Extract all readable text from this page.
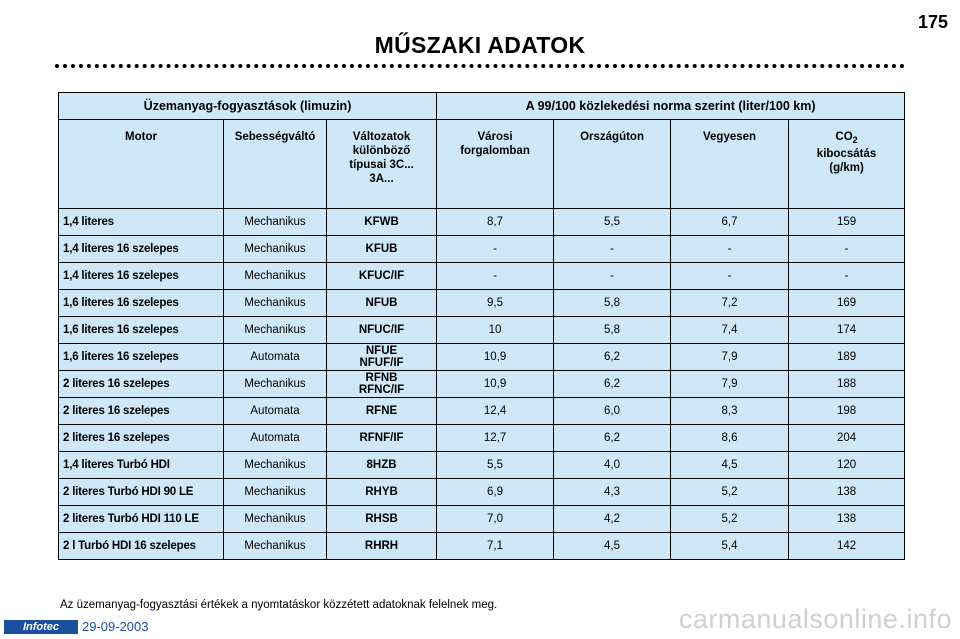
175
MŰSZAKI ADATOK
Üzemanyag-fogyasztások (limuzin)			A 99/100 közlekedési norma szerint (liter/100 km)			
Motor	Sebességváltó	Változatok különböző típusai 3C... 3A...	Városi forgalomban	Országúton	Vegyesen	$CO_2$
kibocsátás (g/km)
1,4 literes	Mechanikus	KFWB	8,7	5,5	6,7	159
1,4 literes 16 szelepes	Mechanikus	KFUB	-	-	-	-
1,4 literes 16 szelepes	Mechanikus	KFUC/IF	-	-	-	-
1,6 literes 16 szelepes	Mechanikus	NFUB	9,5	5,8	7,2	169
1,6 literes 16 szelepes	Mechanikus	NFUC/IF	10	5,8	7,4	174
1,6 literes 16 szelepes	Automata	NFUE NFUF/IF	10,9	6,2	7,9	189
2 literes 16 szelepes	Mechanikus	RFNB RFNC/IF	10,9	6,2	7,9	188
2 literes 16 szelepes	Automata	RFNE	12,4	6,0	8,3	198
2 literes 16 szelepes	Automata	RFNF/IF	12,7	6,2	8,6	204
1,4 literes Turbó HDI	Mechanikus	8HZB	5,5	4,0	4,5	120
2 literes Turbó HDI 90 LE	Mechanikus	RHYB	6,9	4,3	5,2	138
2 literes Turbó HDI 110 LE	Mechanikus	RHSB	7,0	4,2	5,2	138
2 l Turbó HDI 16 szelepes	Mechanikus	RHRH	7,1	4,5	5,4	142
Az üzemanyag-fogyasztási értékek a nyomtatáskor közzétett adatoknak felelnek meg.
Infotec	29-09-2003	carmanualsonline.info
